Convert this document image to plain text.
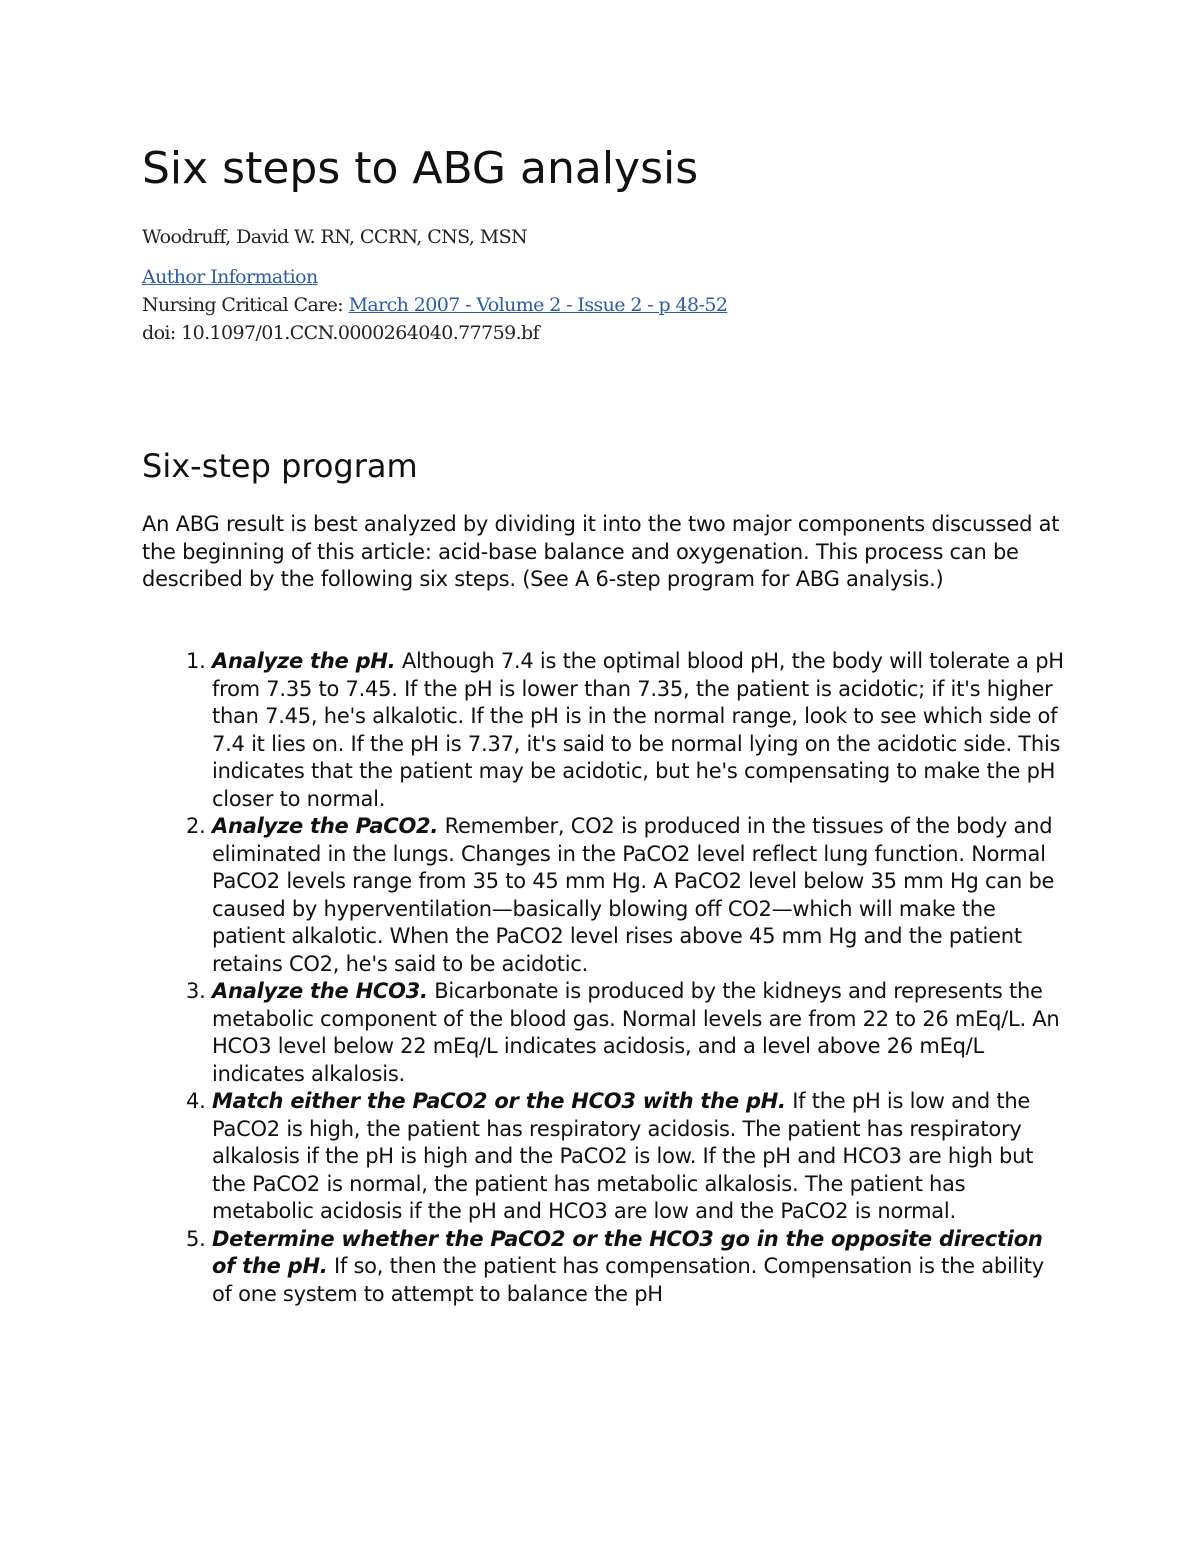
Six steps to ABG analysis
Woodruff, David W. RN, CCRN, CNS, MSN
Author Information
Nursing Critical Care: March 2007 - Volume 2 - Issue 2 - p 48-52
doi: 10.1097/01.CCN.0000264040.77759.bf
Six-step program

An ABG result is best analyzed by dividing it into the two major components discussed at the beginning of this article: acid-base balance and oxygenation. This process can be described by the following six steps. (See A 6-step program for ABG analysis.)

1. Analyze the pH. Although 7.4 is the optimal blood pH, the body will tolerate a pH from 7.35 to 7.45. If the pH is lower than 7.35, the patient is acidotic; if it's higher than 7.45, he's alkalotic. If the pH is in the normal range, look to see which side of 7.4 it lies on. If the pH is 7.37, it's said to be normal lying on the acidotic side. This indicates that the patient may be acidotic, but he's compensating to make the pH closer to normal.
2. Analyze the PaCO2. Remember, CO2 is produced in the tissues of the body and eliminated in the lungs. Changes in the PaCO2 level reflect lung function. Normal PaCO2 levels range from 35 to 45 mm Hg. A PaCO2 level below 35 mm Hg can be caused by hyperventilation—basically blowing off CO2—which will make the patient alkalotic. When the PaCO2 level rises above 45 mm Hg and the patient retains CO2, he's said to be acidotic.
3. Analyze the HCO3. Bicarbonate is produced by the kidneys and represents the metabolic component of the blood gas. Normal levels are from 22 to 26 mEq/L. An HCO3 level below 22 mEq/L indicates acidosis, and a level above 26 mEq/L indicates alkalosis.
4. Match either the PaCO2 or the HCO3 with the pH. If the pH is low and the PaCO2 is high, the patient has respiratory acidosis. The patient has respiratory alkalosis if the pH is high and the PaCO2 is low. If the pH and HCO3 are high but the PaCO2 is normal, the patient has metabolic alkalosis. The patient has metabolic acidosis if the pH and HCO3 are low and the PaCO2 is normal.
5. Determine whether the PaCO2 or the HCO3 go in the opposite direction of the pH. If so, then the patient has compensation. Compensation is the ability of one system to attempt to balance the pH
